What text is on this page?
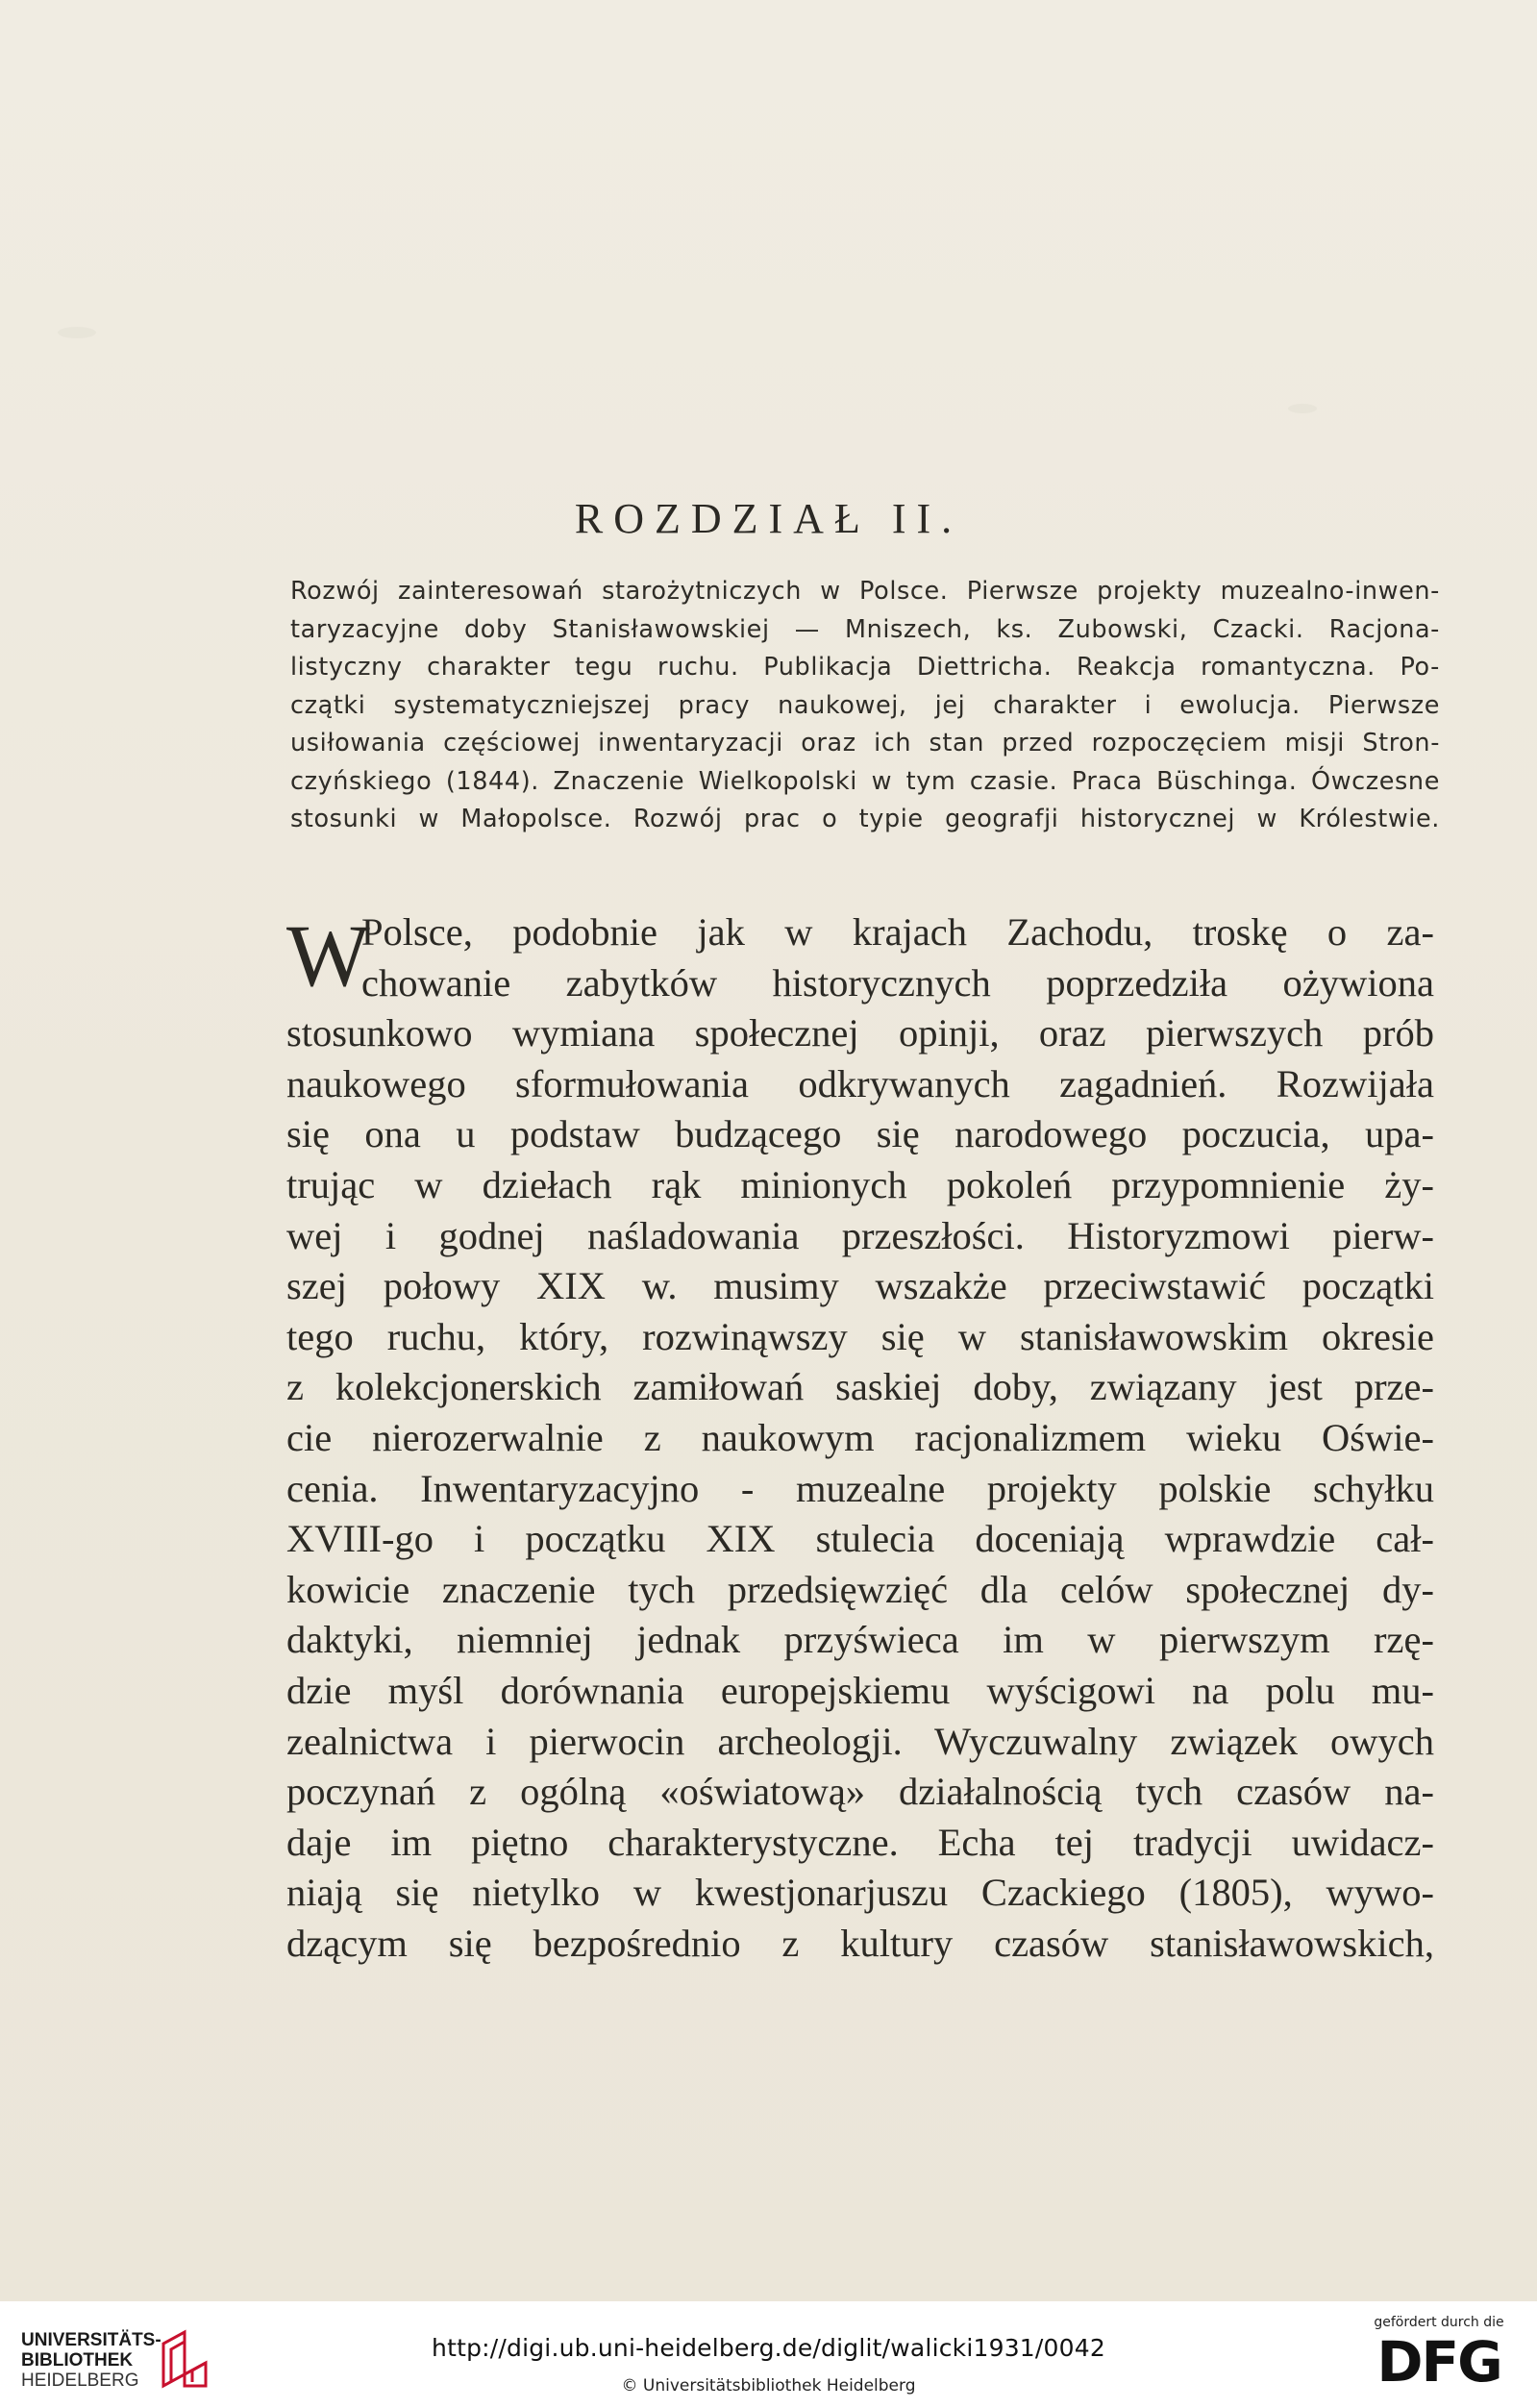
ROZDZIAŁ II.
Rozwój zainteresowań starożytniczych w Polsce. Pierwsze projekty muzealno-inwen-
taryzacyjne doby Stanisławowskiej — Mniszech, ks. Zubowski, Czacki. Racjona-
listyczny charakter tegu ruchu. Publikacja Diettricha. Reakcja romantyczna. Po-
czątki systematyczniejszej pracy naukowej, jej charakter i ewolucja. Pierwsze
usiłowania częściowej inwentaryzacji oraz ich stan przed rozpoczęciem misji Stron-
czyńskiego (1844). Znaczenie Wielkopolski w tym czasie. Praca Büschinga. Ówczesne
stosunki w Małopolsce. Rozwój prac o typie geografji historycznej w Królestwie.
W
Polsce, podobnie jak w krajach Zachodu, troskę o za-
chowanie zabytków historycznych poprzedziła ożywiona
stosunkowo wymiana społecznej opinji, oraz pierwszych prób
naukowego sformułowania odkrywanych zagadnień. Rozwijała
się ona u podstaw budzącego się narodowego poczucia, upa-
trując w dziełach rąk minionych pokoleń przypomnienie ży-
wej i godnej naśladowania przeszłości. Historyzmowi pierw-
szej połowy XIX w. musimy wszakże przeciwstawić początki
tego ruchu, który, rozwinąwszy się w stanisławowskim okresie
z kolekcjonerskich zamiłowań saskiej doby, związany jest prze-
cie nierozerwalnie z naukowym racjonalizmem wieku Oświe-
cenia. Inwentaryzacyjno - muzealne projekty polskie schyłku
XVIII-go i początku XIX stulecia doceniają wprawdzie cał-
kowicie znaczenie tych przedsięwzięć dla celów społecznej dy-
daktyki, niemniej jednak przyświeca im w pierwszym rzę-
dzie myśl dorównania europejskiemu wyścigowi na polu mu-
zealnictwa i pierwocin archeologji. Wyczuwalny związek owych
poczynań z ogólną «oświatową» działalnością tych czasów na-
daje im piętno charakterystyczne. Echa tej tradycji uwidacz-
niają się nietylko w kwestjonarjuszu Czackiego (1805), wywo-
dzącym się bezpośrednio z kultury czasów stanisławowskich,
UNIVERSITÄTS-
BIBLIOTHEK
HEIDELBERG
http://digi.ub.uni-heidelberg.de/diglit/walicki1931/0042
© Universitätsbibliothek Heidelberg
gefördert durch die
DFG
